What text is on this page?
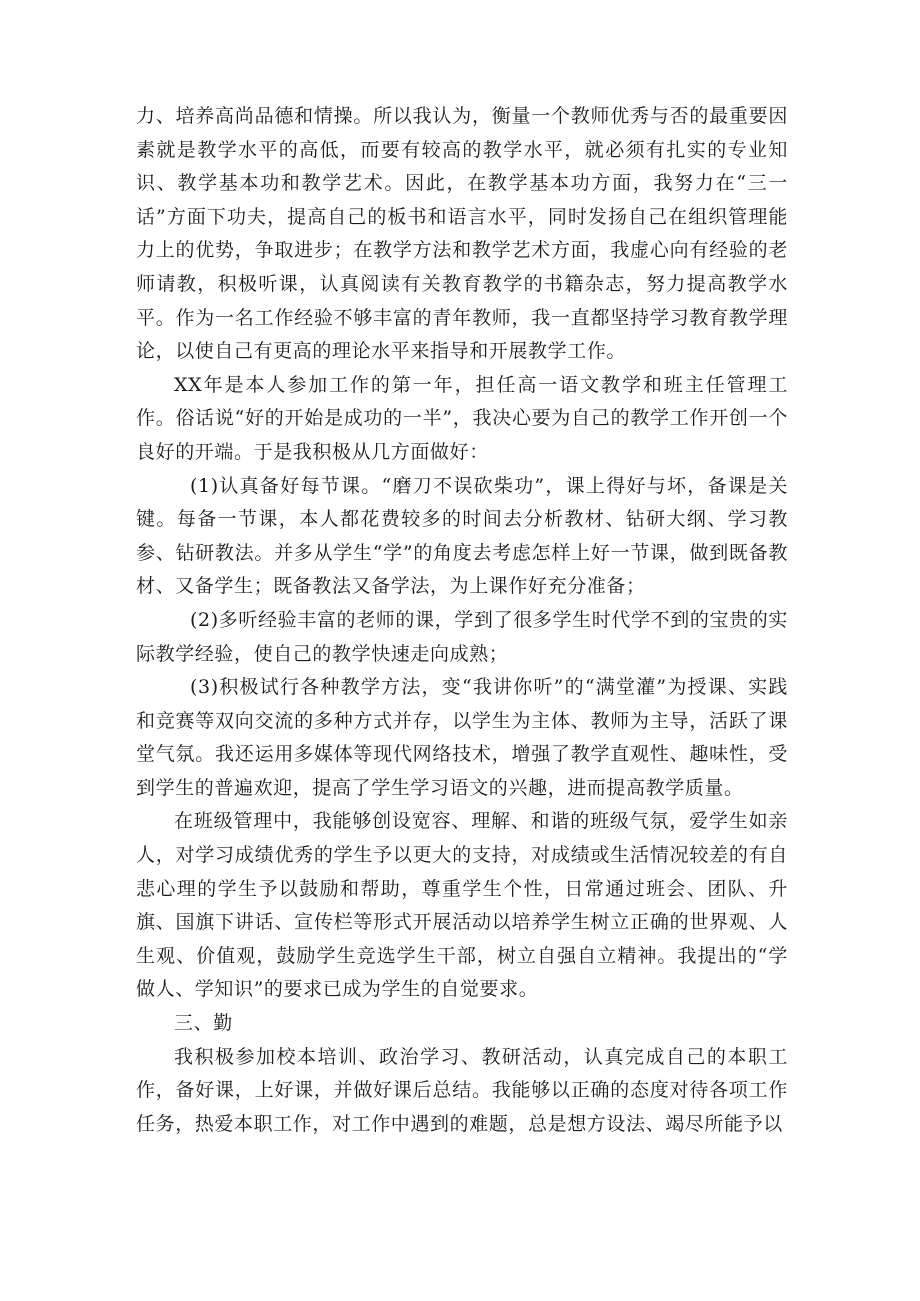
力、培养高尚品德和情操。所以我认为，衡量一个教师优秀与否的最重要因素就是教学水平的高低，而要有较高的教学水平，就必须有扎实的专业知识、教学基本功和教学艺术。因此，在教学基本功方面，我努力在“三一话”方面下功夫，提高自己的板书和语言水平，同时发扬自己在组织管理能力上的优势，争取进步；在教学方法和教学艺术方面，我虚心向有经验的老师请教，积极听课，认真阅读有关教育教学的书籍杂志，努力提高教学水平。作为一名工作经验不够丰富的青年教师，我一直都坚持学习教育教学理论，以使自己有更高的理论水平来指导和开展教学工作。

XX年是本人参加工作的第一年，担任高一语文教学和班主任管理工作。俗话说“好的开始是成功的一半”，我决心要为自己的教学工作开创一个良好的开端。于是我积极从几方面做好：

(1)认真备好每节课。“磨刀不误砍柴功”，课上得好与坏，备课是关键。每备一节课，本人都花费较多的时间去分析教材、钻研大纲、学习教参、钻研教法。并多从学生“学”的角度去考虑怎样上好一节课，做到既备教材、又备学生；既备教法又备学法，为上课作好充分准备；

(2)多听经验丰富的老师的课，学到了很多学生时代学不到的宝贵的实际教学经验，使自己的教学快速走向成熟；

(3)积极试行各种教学方法，变“我讲你听”的“满堂灌”为授课、实践和竞赛等双向交流的多种方式并存，以学生为主体、教师为主导，活跃了课堂气氛。我还运用多媒体等现代网络技术，增强了教学直观性、趣味性，受到学生的普遍欢迎，提高了学生学习语文的兴趣，进而提高教学质量。

在班级管理中，我能够创设宽容、理解、和谐的班级气氛，爱学生如亲人，对学习成绩优秀的学生予以更大的支持，对成绩或生活情况较差的有自悲心理的学生予以鼓励和帮助，尊重学生个性，日常通过班会、团队、升旗、国旗下讲话、宣传栏等形式开展活动以培养学生树立正确的世界观、人生观、价值观，鼓励学生竞选学生干部，树立自强自立精神。我提出的“学做人、学知识”的要求已成为学生的自觉要求。

三、勤

我积极参加校本培训、政治学习、教研活动，认真完成自己的本职工作，备好课，上好课，并做好课后总结。我能够以正确的态度对待各项工作任务，热爱本职工作，对工作中遇到的难题，总是想方设法、竭尽所能予以
